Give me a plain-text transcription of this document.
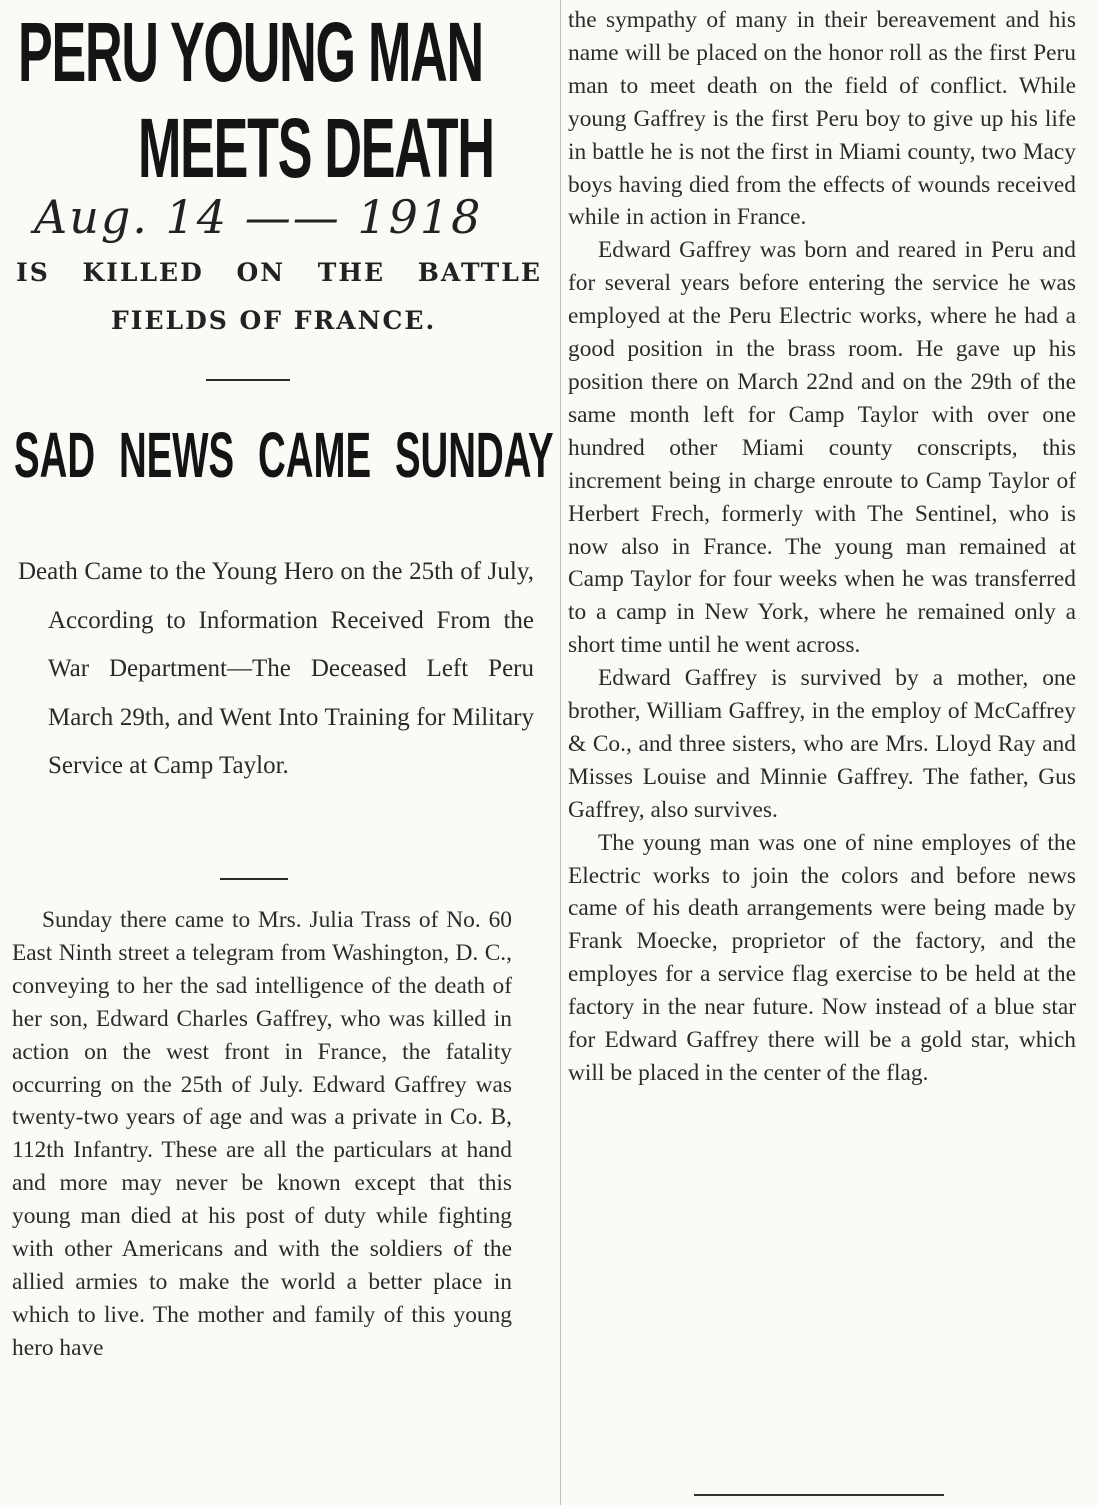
PERU YOUNG MAN
MEETS DEATH
Aug. 14 —— 1918
IS KILLED ON THE BATTLE
FIELDS OF FRANCE.
SAD NEWS CAME SUNDAY

Death Came to the Young Hero on the 25th of July, According to Information Received From the War Department—The Deceased Left Peru March 29th, and Went Into Training for Military Service at Camp Taylor.

Sunday there came to Mrs. Julia Trass of No. 60 East Ninth street a telegram from Washington, D. C., conveying to her the sad intelligence of the death of her son, Edward Charles Gaffrey, who was killed in action on the west front in France, the fatality occurring on the 25th of July. Edward Gaffrey was twenty-two years of age and was a private in Co. B, 112th Infantry. These are all the particulars at hand and more may never be known except that this young man died at his post of duty while fighting with other Americans and with the soldiers of the allied armies to make the world a better place in which to live. The mother and family of this young hero have

the sympathy of many in their bereavement and his name will be placed on the honor roll as the first Peru man to meet death on the field of conflict. While young Gaffrey is the first Peru boy to give up his life in battle he is not the first in Miami county, two Macy boys having died from the effects of wounds received while in action in France.

Edward Gaffrey was born and reared in Peru and for several years before entering the service he was employed at the Peru Electric works, where he had a good position in the brass room. He gave up his position there on March 22nd and on the 29th of the same month left for Camp Taylor with over one hundred other Miami county conscripts, this increment being in charge enroute to Camp Taylor of Herbert Frech, formerly with The Sentinel, who is now also in France. The young man remained at Camp Taylor for four weeks when he was transferred to a camp in New York, where he remained only a short time until he went across.

Edward Gaffrey is survived by a mother, one brother, William Gaffrey, in the employ of McCaffrey & Co., and three sisters, who are Mrs. Lloyd Ray and Misses Louise and Minnie Gaffrey. The father, Gus Gaffrey, also survives.

The young man was one of nine employes of the Electric works to join the colors and before news came of his death arrangements were being made by Frank Moecke, proprietor of the factory, and the employes for a service flag exercise to be held at the factory in the near future. Now instead of a blue star for Edward Gaffrey there will be a gold star, which will be placed in the center of the flag.
